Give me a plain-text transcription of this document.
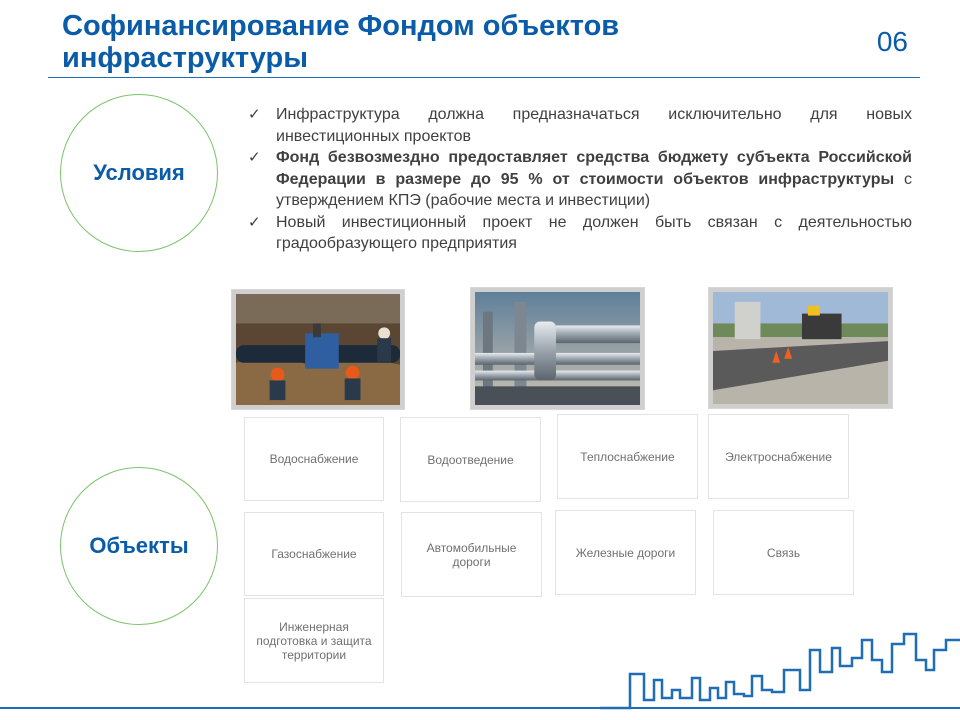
Софинансирование Фондом объектов инфраструктуры
06
Условия
✓ Инфраструктура должна предназначаться исключительно для новых инвестиционных проектов
✓ Фонд безвозмездно предоставляет средства бюджету субъекта Российской Федерации в размере до 95 % от стоимости объектов инфраструктуры с утверждением КПЭ (рабочие места и инвестиции)
✓ Новый инвестиционный проект не должен быть связан с деятельностью градообразующего предприятия
Водоснабжение	Водоотведение	Теплоснабжение	Электроснабжение
Газоснабжение	Автомобильные дороги
Железные дороги	Связь
Инженерная подготовка и защита территории
Объекты
